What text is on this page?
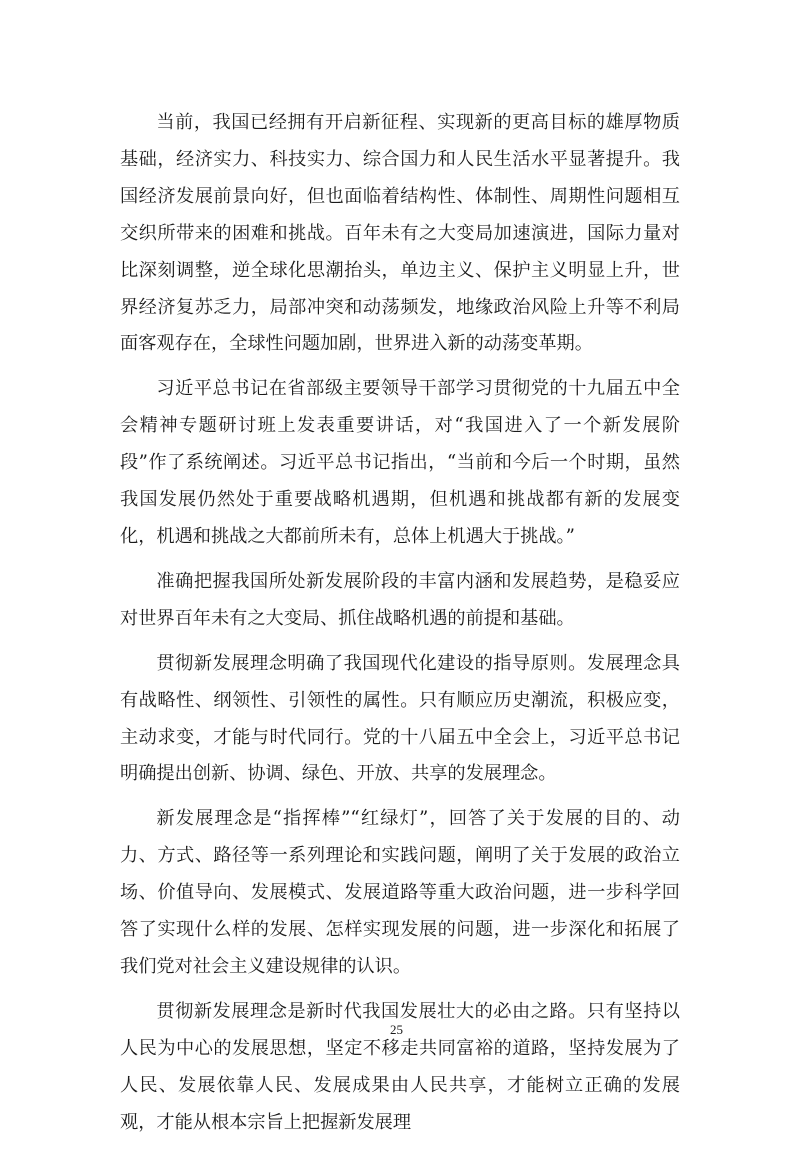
当前，我国已经拥有开启新征程、实现新的更高目标的雄厚物质基础，经济实力、科技实力、综合国力和人民生活水平显著提升。我国经济发展前景向好，但也面临着结构性、体制性、周期性问题相互交织所带来的困难和挑战。百年未有之大变局加速演进，国际力量对比深刻调整，逆全球化思潮抬头，单边主义、保护主义明显上升，世界经济复苏乏力，局部冲突和动荡频发，地缘政治风险上升等不利局面客观存在，全球性问题加剧，世界进入新的动荡变革期。

习近平总书记在省部级主要领导干部学习贯彻党的十九届五中全会精神专题研讨班上发表重要讲话，对“我国进入了一个新发展阶段”作了系统阐述。习近平总书记指出，“当前和今后一个时期，虽然我国发展仍然处于重要战略机遇期，但机遇和挑战都有新的发展变化，机遇和挑战之大都前所未有，总体上机遇大于挑战。”

准确把握我国所处新发展阶段的丰富内涵和发展趋势，是稳妥应对世界百年未有之大变局、抓住战略机遇的前提和基础。

贯彻新发展理念明确了我国现代化建设的指导原则。发展理念具有战略性、纲领性、引领性的属性。只有顺应历史潮流，积极应变，主动求变，才能与时代同行。党的十八届五中全会上，习近平总书记明确提出创新、协调、绿色、开放、共享的发展理念。

新发展理念是“指挥棒”“红绿灯”，回答了关于发展的目的、动力、方式、路径等一系列理论和实践问题，阐明了关于发展的政治立场、价值导向、发展模式、发展道路等重大政治问题，进一步科学回答了实现什么样的发展、怎样实现发展的问题，进一步深化和拓展了我们党对社会主义建设规律的认识。

贯彻新发展理念是新时代我国发展壮大的必由之路。只有坚持以人民为中心的发展思想，坚定不移走共同富裕的道路，坚持发展为了人民、发展依靠人民、发展成果由人民共享，才能树立正确的发展观，才能从根本宗旨上把握新发展理

25
